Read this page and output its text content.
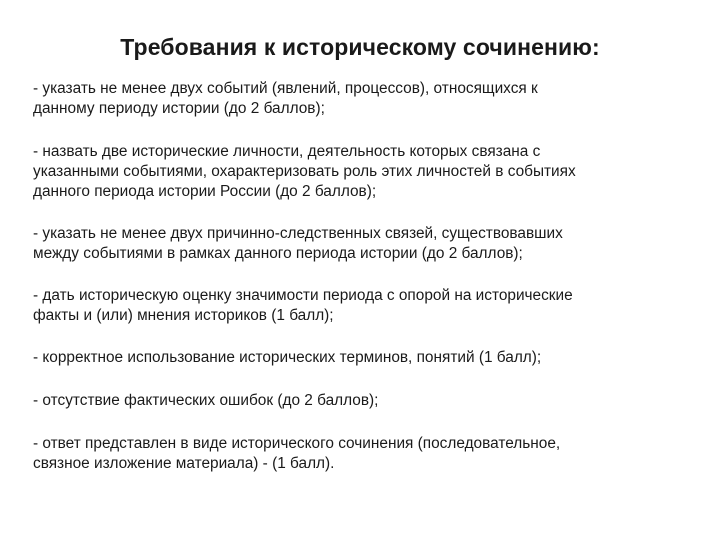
Требования к историческому сочинению:
- указать не менее двух событий (явлений, процессов), относящихся к
данному периоду истории (до 2 баллов);
- назвать две исторические личности, деятельность которых связана с
указанными событиями, охарактеризовать роль этих личностей в событиях
данного периода истории России (до 2 баллов);
- указать не менее двух причинно-следственных связей, существовавших
между событиями в рамках данного периода истории (до 2 баллов);
- дать историческую оценку значимости периода с опорой на исторические
факты и (или) мнения историков (1 балл);
- корректное использование исторических терминов, понятий (1 балл);
- отсутствие фактических ошибок (до 2 баллов);
- ответ представлен в виде исторического сочинения (последовательное,
связное изложение материала) - (1 балл).
